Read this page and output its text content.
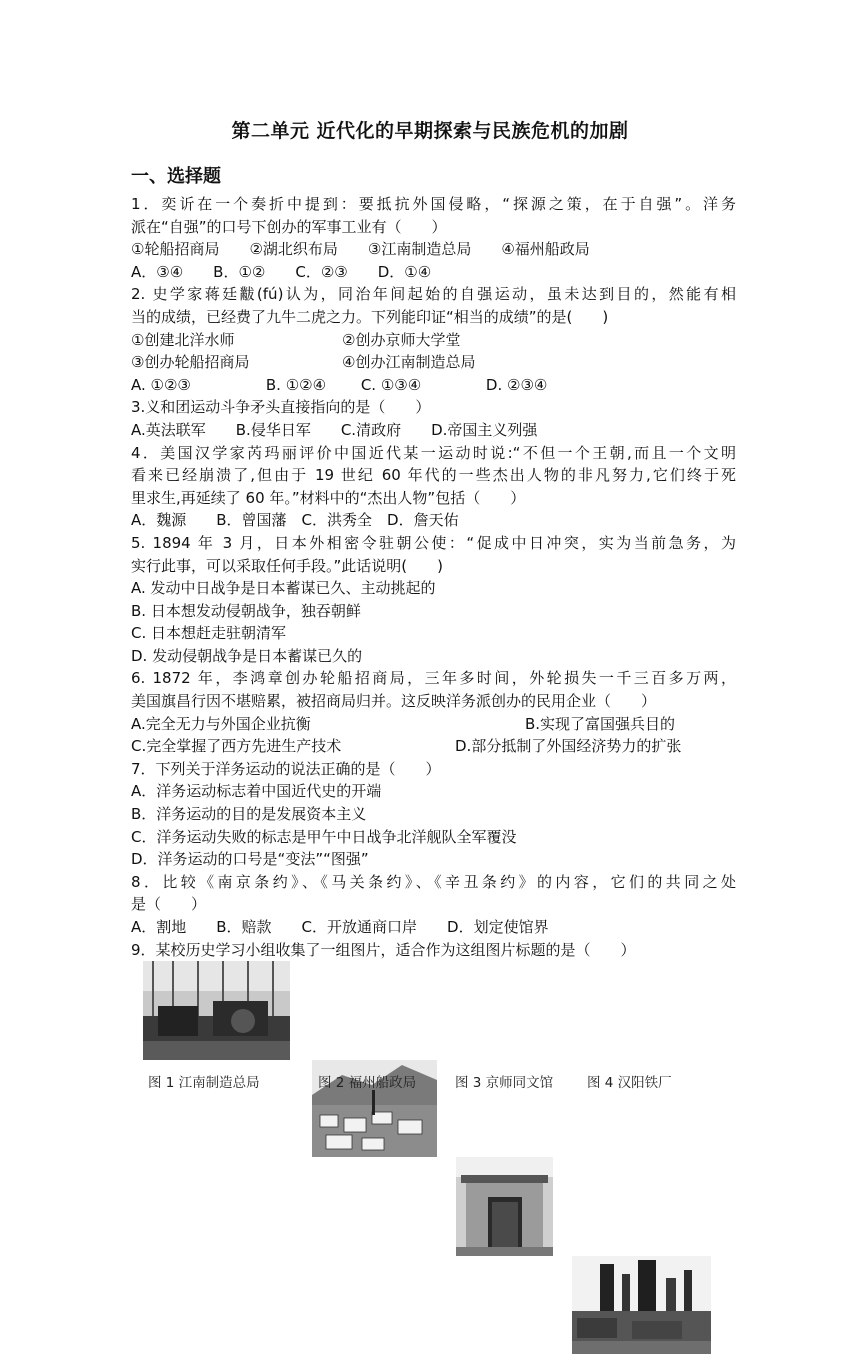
第二单元 近代化的早期探索与民族危机的加剧
一、选择题
1．奕䜣在一个奏折中提到：要抵抗外国侵略，“探源之策，在于自强”。洋务
派在“自强”的口号下创办的军事工业有（　　）
①轮船招商局　　②湖北织布局　　③江南制造总局　　④福州船政局
A．③④　　B．①②　　C．②③　　D．①④
2. 史学家蒋廷黻(fú)认为，同治年间起始的自强运动，虽未达到目的，然能有相
当的成绩，已经费了九牛二虎之力。下列能印证“相当的成绩”的是(　　)
①创建北洋水师	②创办京师大学堂
③创办轮船招商局	④创办江南制造总局
A. ①②③　　　　　B. ①②④　　 C. ①③④　　　　 D. ②③④
3.义和团运动斗争矛头直接指向的是（　　）
A.英法联军　　B.侵华日军　　C.清政府　　D.帝国主义列强
4．美国汉学家芮玛丽评价中国近代某一运动时说:“不但一个王朝,而且一个文明
看来已经崩溃了,但由于 19 世纪 60 年代的一些杰出人物的非凡努力,它们终于死
里求生,再延续了 60 年。”材料中的“杰出人物”包括（　　）
A．魏源　　B．曾国藩　C．洪秀全　D．詹天佑
5. 1894 年 3 月，日本外相密令驻朝公使：“促成中日冲突，实为当前急务，为
实行此事，可以采取任何手段。”此话说明(　　)
A. 发动中日战争是日本蓄谋已久、主动挑起的
B. 日本想发动侵朝战争，独吞朝鲜
C. 日本想赶走驻朝清军
D. 发动侵朝战争是日本蓄谋已久的
6. 1872 年，李鸿章创办轮船招商局，三年多时间，外轮损失一千三百多万两，
美国旗昌行因不堪赔累，被招商局归并。这反映洋务派创办的民用企业（　　）
A.完全无力与外国企业抗衡	B.实现了富国强兵目的
C.完全掌握了西方先进生产技术	D.部分抵制了外国经济势力的扩张
7．下列关于洋务运动的说法正确的是（　　）
A．洋务运动标志着中国近代史的开端
B．洋务运动的目的是发展资本主义
C．洋务运动失败的标志是甲午中日战争北洋舰队全军覆没
D．洋务运动的口号是“变法”“图强”
8．比较《南京条约》、《马关条约》、《辛丑条约》的内容，它们的共同之处
是（　　）
A．割地　　B．赔款　　C．开放通商口岸　　D．划定使馆界
9．某校历史学习小组收集了一组图片，适合作为这组图片标题的是（　　）
图 1 江南制造总局	图 2 福州船政局	图 3 京师同文馆	图 4 汉阳铁厂
